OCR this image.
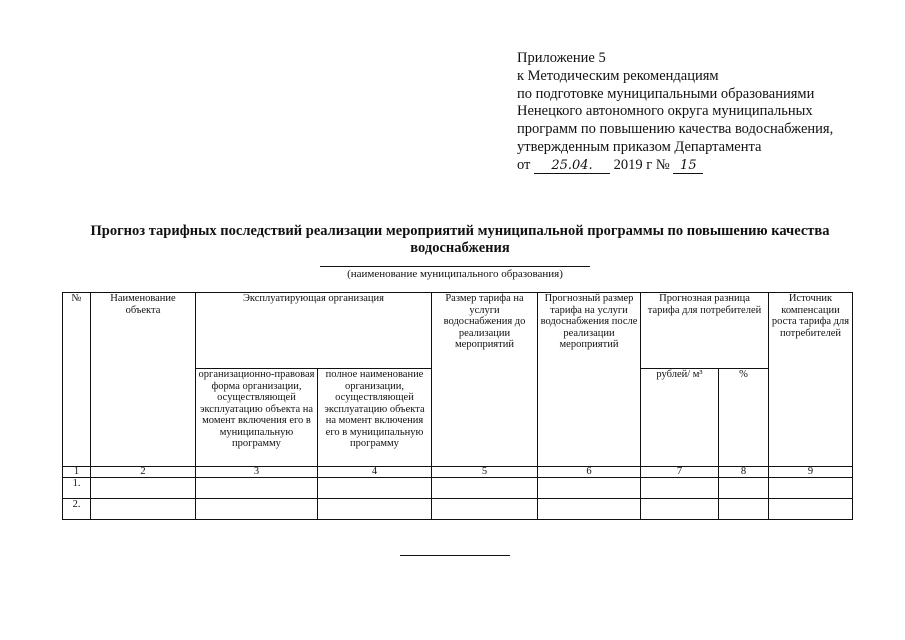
Приложение 5
к Методическим рекомендациям
по подготовке муниципальными образованиями
Ненецкого автономного округа муниципальных
программ по повышению качества водоснабжения,
утвержденным приказом Департамента
от 25.04. 2019 г № 15
Прогноз тарифных последствий реализации мероприятий муниципальной программы по повышению качества водоснабжения
(наименование муниципального образования)
№	Наименование объекта	Эксплуатирующая организация		Размер тарифа на услуги водоснабжения до реализации мероприятий	Прогнозный размер тарифа на услуги водоснабжения после реализации мероприятий	Прогнозная разница тарифа для потребителей		Источник компенсации роста тарифа для потребителей
		организационно-правовая форма организации, осуществляющей эксплуатацию объекта на момент включения его в муниципальную программу	полное наименование организации, осуществляющей эксплуатацию объекта на момент включения его в муниципальную программу			рублей/ м³	%	
1	2	3	4	5	6	7	8	9
1.								
2.								
